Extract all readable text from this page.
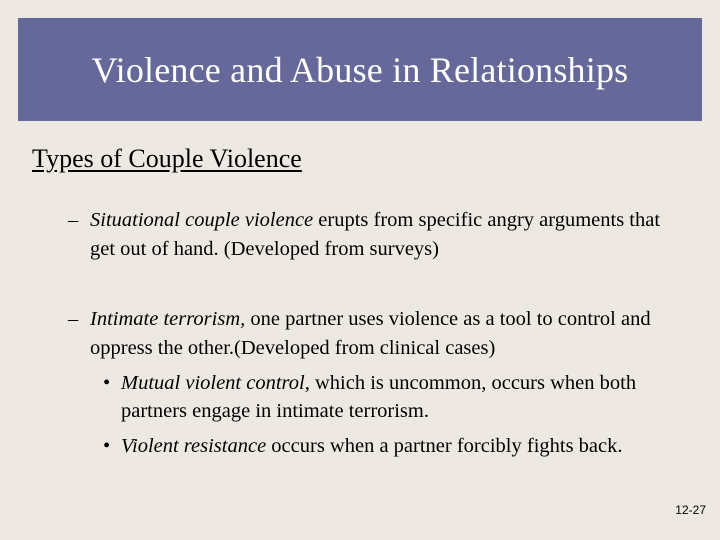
Violence and Abuse in Relationships
Types of Couple Violence
– Situational couple violence erupts from specific angry arguments that get out of hand. (Developed from surveys)
– Intimate terrorism, one partner uses violence as a tool to control and oppress the other.(Developed from clinical cases)
• Mutual violent control, which is uncommon, occurs when both partners engage in intimate terrorism.
• Violent resistance occurs when a partner forcibly fights back.
12-27
